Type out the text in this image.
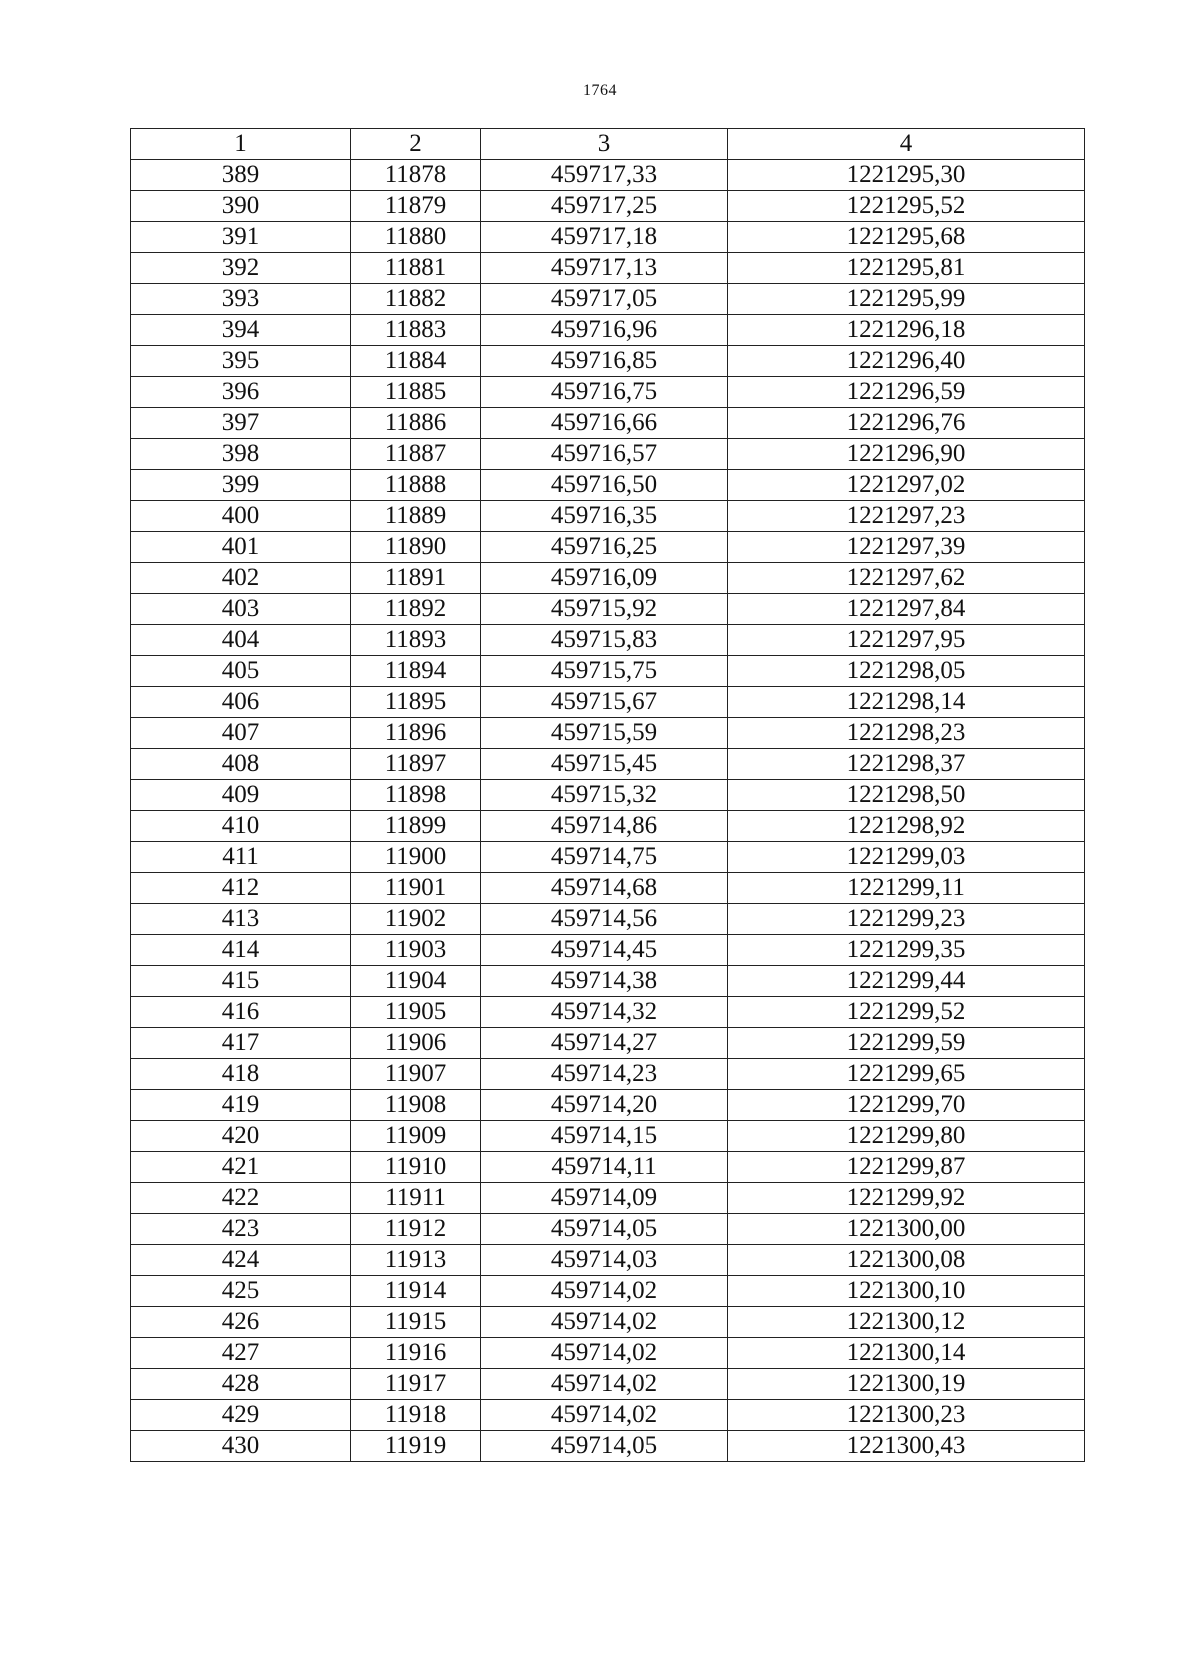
1764
1	2	3	4
389	11878	459717,33	1221295,30
390	11879	459717,25	1221295,52
391	11880	459717,18	1221295,68
392	11881	459717,13	1221295,81
393	11882	459717,05	1221295,99
394	11883	459716,96	1221296,18
395	11884	459716,85	1221296,40
396	11885	459716,75	1221296,59
397	11886	459716,66	1221296,76
398	11887	459716,57	1221296,90
399	11888	459716,50	1221297,02
400	11889	459716,35	1221297,23
401	11890	459716,25	1221297,39
402	11891	459716,09	1221297,62
403	11892	459715,92	1221297,84
404	11893	459715,83	1221297,95
405	11894	459715,75	1221298,05
406	11895	459715,67	1221298,14
407	11896	459715,59	1221298,23
408	11897	459715,45	1221298,37
409	11898	459715,32	1221298,50
410	11899	459714,86	1221298,92
411	11900	459714,75	1221299,03
412	11901	459714,68	1221299,11
413	11902	459714,56	1221299,23
414	11903	459714,45	1221299,35
415	11904	459714,38	1221299,44
416	11905	459714,32	1221299,52
417	11906	459714,27	1221299,59
418	11907	459714,23	1221299,65
419	11908	459714,20	1221299,70
420	11909	459714,15	1221299,80
421	11910	459714,11	1221299,87
422	11911	459714,09	1221299,92
423	11912	459714,05	1221300,00
424	11913	459714,03	1221300,08
425	11914	459714,02	1221300,10
426	11915	459714,02	1221300,12
427	11916	459714,02	1221300,14
428	11917	459714,02	1221300,19
429	11918	459714,02	1221300,23
430	11919	459714,05	1221300,43
